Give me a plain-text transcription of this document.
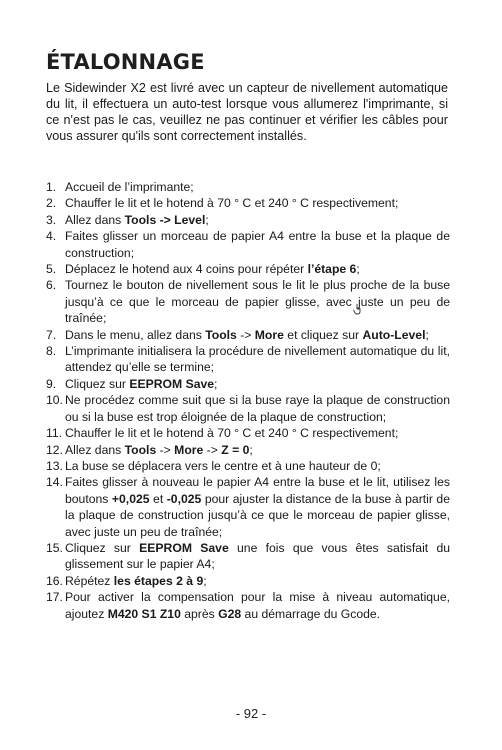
ÉTALONNAGE

Le Sidewinder X2 est livré avec un capteur de nivellement automatique du lit, il effectuera un auto-test lorsque vous allumerez l'imprimante, si ce n'est pas le cas, veuillez ne pas continuer et vérifier les câbles pour vous assurer qu'ils sont correctement installés.

1. Accueil de l’imprimante;
2. Chauffer le lit et le hotend à 70 ° C et 240 ° C respectivement;
3. Allez dans Tools -> Level;
4. Faites glisser un morceau de papier A4 entre la buse et la plaque de construction;
5. Déplacez le hotend aux 4 coins pour répéter l’étape 6;
6. Tournez le bouton de nivellement sous le lit le plus proche de la buse jusqu’à ce que le morceau de papier glisse, avec juste un peu de traînée;
7. Dans le menu, allez dans Tools -> More et cliquez sur Auto-Level;
8. L’imprimante initialisera la procédure de nivellement automatique du lit, attendez qu’elle se termine;
9. Cliquez sur EEPROM Save;
10. Ne procédez comme suit que si la buse raye la plaque de construction ou si la buse est trop éloignée de la plaque de construction;
11. Chauffer le lit et le hotend à 70 ° C et 240 ° C respectivement;
12. Allez dans Tools -> More -> Z = 0;
13. La buse se déplacera vers le centre et à une hauteur de 0;
14. Faites glisser à nouveau le papier A4 entre la buse et le lit, utilisez les boutons +0,025 et -0,025 pour ajuster la distance de la buse à partir de la plaque de construction jusqu’à ce que le morceau de papier glisse, avec juste un peu de traînée;
15. Cliquez sur EEPROM Save une fois que vous êtes satisfait du glissement sur le papier A4;
16. Répétez les étapes 2 à 9;
17. Pour activer la compensation pour la mise à niveau automatique, ajoutez M420 S1 Z10 après G28 au démarrage du Gcode.
- 92 -
